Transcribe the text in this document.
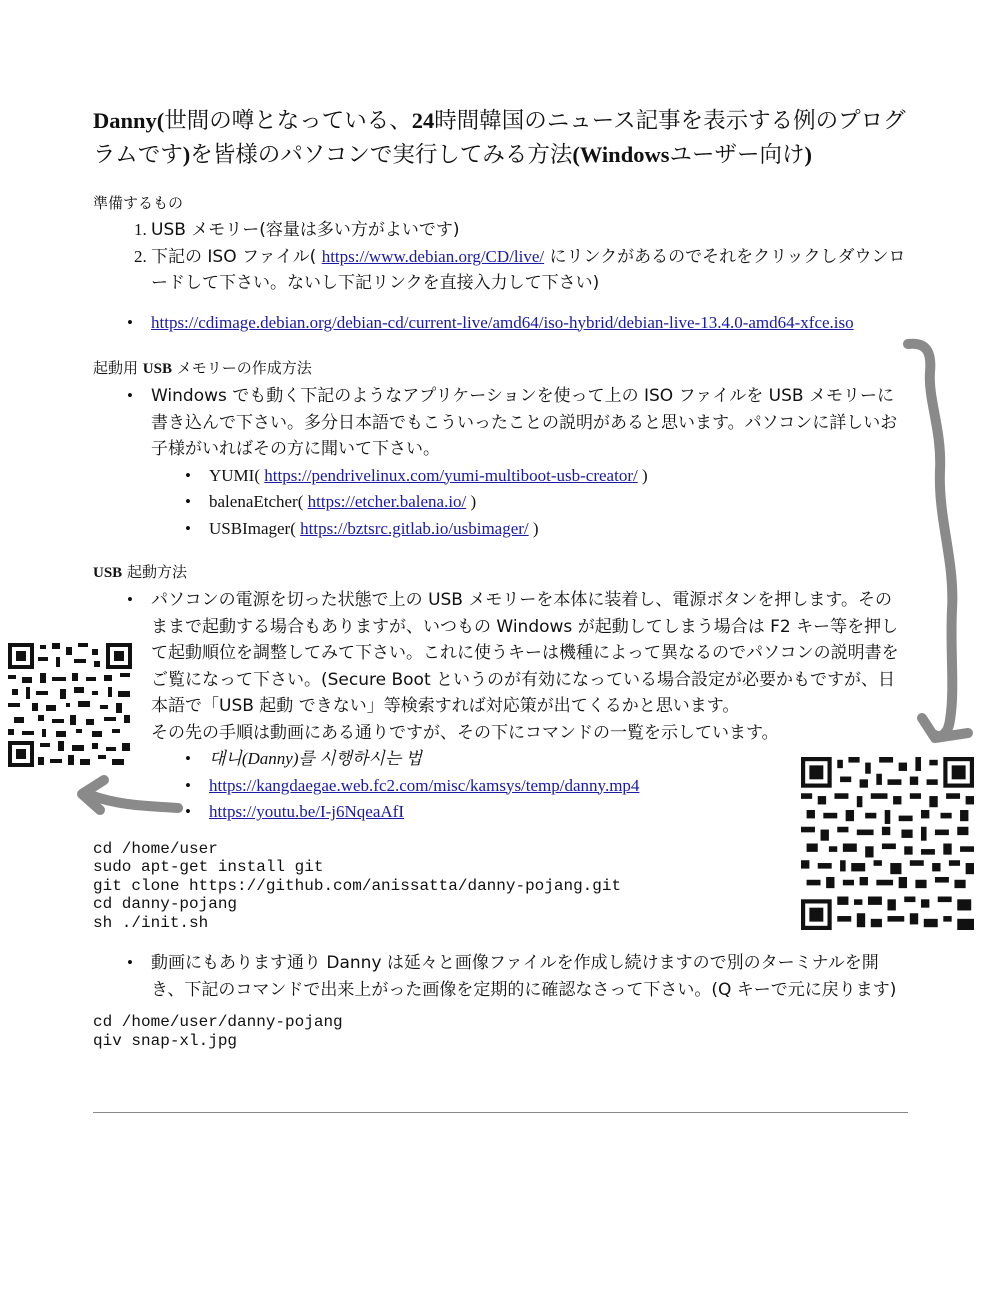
Danny(世間の噂となっている、24時間韓国のニュース記事を表示する例のプログラムです)を皆様のパソコンで実行してみる方法(Windowsユーザー向け)

準備するもの

1. USB メモリー(容量は多い方がよいです)
2. 下記の ISO ファイル( https://www.debian.org/CD/live/ にリンクがあるのでそれをクリックしダウンロードして下さい。ないし下記リンクを直接入力して下さい)
• https://cdimage.debian.org/debian-cd/current-live/amd64/iso-hybrid/debian-live-13.4.0-amd64-xfce.iso

起動用 USB メモリーの作成方法

• Windows でも動く下記のようなアプリケーションを使って上の ISO ファイルを USB メモリーに書き込んで下さい。多分日本語でもこういったことの説明があると思います。パソコンに詳しいお子様がいればその方に聞いて下さい。
• YUMI( https://pendrivelinux.com/yumi-multiboot-usb-creator/ )
• balenaEtcher( https://etcher.balena.io/ )
• USBImager( https://bztsrc.gitlab.io/usbimager/ )

USB 起動方法

• パソコンの電源を切った状態で上の USB メモリーを本体に装着し、電源ボタンを押します。そのままで起動する場合もありますが、いつもの Windows が起動してしまう場合は F2 キー等を押して起動順位を調整してみて下さい。これに使うキーは機種によって異なるのでパソコンの説明書をご覧になって下さい。(Secure Boot というのが有効になっている場合設定が必要かもですが、日本語で「USB 起動 できない」等検索すれば対応策が出てくるかと思います。
その先の手順は動画にある通りですが、その下にコマンドの一覧を示しています。
• 대니(Danny)를 시행하시는 법
• https://kangdaegae.web.fc2.com/misc/kamsys/temp/danny.mp4
• https://youtu.be/I-j6NqeaAfI
cd /home/user
sudo apt-get install git
git clone https://github.com/anissatta/danny-pojang.git
cd danny-pojang
sh ./init.sh
• 動画にもあります通り Danny は延々と画像ファイルを作成し続けますので別のターミナルを開き、下記のコマンドで出来上がった画像を定期的に確認なさって下さい。(Q キーで元に戻ります)
cd /home/user/danny-pojang
qiv snap-xl.jpg
